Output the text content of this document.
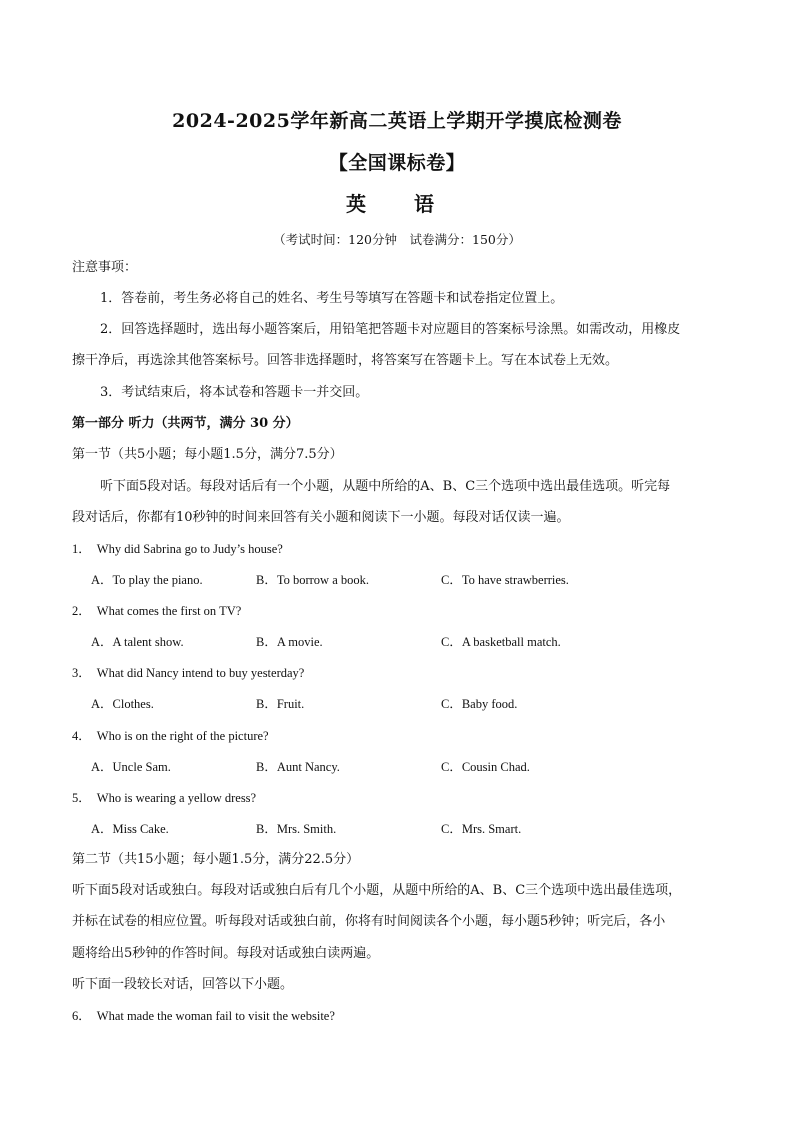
2024-2025学年新高二英语上学期开学摸底检测卷
【全国课标卷】
英　语
（考试时间：120分钟　试卷满分：150分）
注意事项：
1．答卷前，考生务必将自己的姓名、考生号等填写在答题卡和试卷指定位置上。
2．回答选择题时，选出每小题答案后，用铅笔把答题卡对应题目的答案标号涂黑。如需改动，用橡皮
擦干净后，再选涂其他答案标号。回答非选择题时，将答案写在答题卡上。写在本试卷上无效。
3．考试结束后，将本试卷和答题卡一并交回。
第一部分 听力（共两节，满分 30 分）
第一节（共5小题；每小题1.5分，满分7.5分）
听下面5段对话。每段对话后有一个小题，从题中所给的A、B、C三个选项中选出最佳选项。听完每
段对话后，你都有10秒钟的时间来回答有关小题和阅读下一小题。每段对话仅读一遍。
1． Why did Sabrina go to Judy’s house?
A．To play the piano.	B．To borrow a book.	C．To have strawberries.
2． What comes the first on TV?
A．A talent show.	B．A movie.	C．A basketball match.
3． What did Nancy intend to buy yesterday?
A．Clothes.	B．Fruit.	C．Baby food.
4． Who is on the right of the picture?
A．Uncle Sam.	B．Aunt Nancy.	C．Cousin Chad.
5． Who is wearing a yellow dress?
A．Miss Cake.	B．Mrs. Smith.	C．Mrs. Smart.
第二节（共15小题；每小题1.5分，满分22.5分）
听下面5段对话或独白。每段对话或独白后有几个小题，从题中所给的A、B、C三个选项中选出最佳选项，
并标在试卷的相应位置。听每段对话或独白前，你将有时间阅读各个小题，每小题5秒钟；听完后，各小
题将给出5秒钟的作答时间。每段对话或独白读两遍。
听下面一段较长对话，回答以下小题。
6． What made the woman fail to visit the website?
